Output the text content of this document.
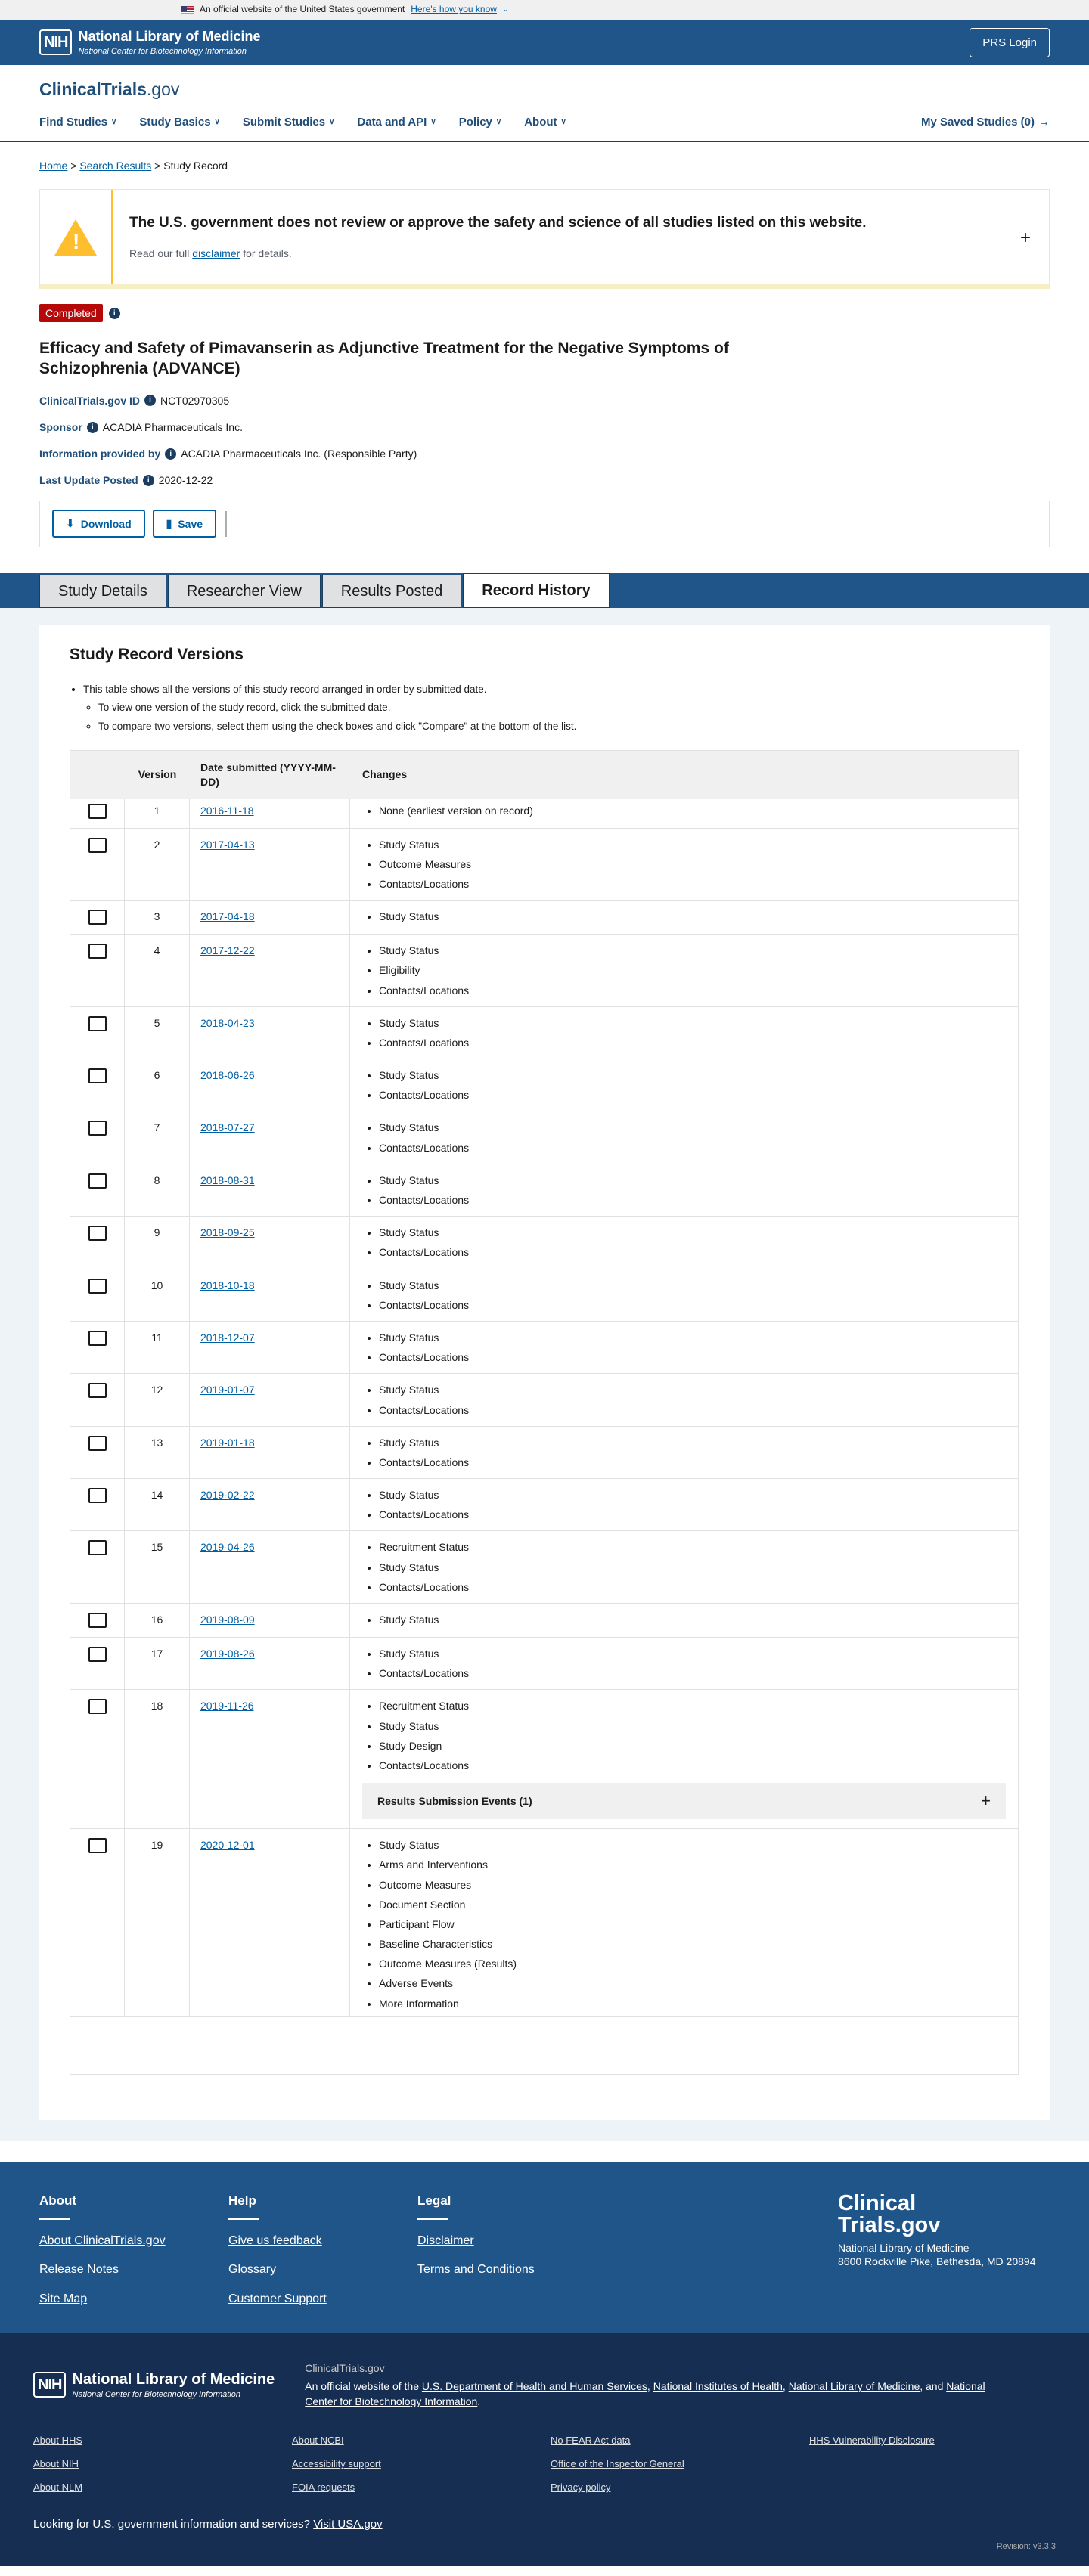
An official website of the United States government Here's how you know ⌄
NIH National Library of Medicine
National Center for Biotechnology Information
PRS Login
ClinicalTrials.gov
Find Studies ∨ Study Basics ∨ Submit Studies ∨ Data and API ∨ Policy ∨ About ∨	My Saved Studies (0) →
Home > Search Results > Study Record
!
The U.S. government does not review or approve the safety and science of all studies listed on this website.
Read our full disclaimer for details.
+
Completed	i
Efficacy and Safety of Pimavanserin as Adjunctive Treatment for the Negative Symptoms of Schizophrenia (ADVANCE)
ClinicalTrials.gov ID	i NCT02970305
Sponsor	i ACADIA Pharmaceuticals Inc.
Information provided by	i ACADIA Pharmaceuticals Inc. (Responsible Party)
Last Update Posted	i 2020-12-22
⬇ Download	▮ Save
Study Details	Researcher View	Results Posted	Record History
Study Record Versions
• This table shows all the versions of this study record arranged in order by submitted date.
◦ To view one version of the study record, click the submitted date.
◦ To compare two versions, select them using the check boxes and click "Compare" at the bottom of the list.
Version
Date submitted (YYYY-MM-DD)
Changes
1	2016-11-18	• None (earliest version on record)
2	2017-04-13	• Study Status
• Outcome Measures
• Contacts/Locations
3	2017-04-18	• Study Status
4	2017-12-22	• Study Status
• Eligibility
• Contacts/Locations
5	2018-04-23	• Study Status
• Contacts/Locations
6	2018-06-26	• Study Status
• Contacts/Locations
7	2018-07-27	• Study Status
• Contacts/Locations
8	2018-08-31	• Study Status
• Contacts/Locations
9	2018-09-25	• Study Status
• Contacts/Locations
10	2018-10-18	• Study Status
• Contacts/Locations
11	2018-12-07	• Study Status
• Contacts/Locations
12	2019-01-07	• Study Status
• Contacts/Locations
13	2019-01-18	• Study Status
• Contacts/Locations
14	2019-02-22	• Study Status
• Contacts/Locations
15	2019-04-26	• Recruitment Status
• Study Status
• Contacts/Locations
16	2019-08-09	• Study Status
17	2019-08-26	• Study Status
• Contacts/Locations
18	2019-11-26	• Recruitment Status
• Study Status
• Study Design
• Contacts/Locations
Results Submission Events (1)	+
19	2020-12-01	• Study Status
• Arms and Interventions
• Outcome Measures
• Document Section
• Participant Flow
• Baseline Characteristics
• Outcome Measures (Results)
• Adverse Events
• More Information
About
About ClinicalTrials.gov
Release Notes
Site Map
Help
Give us feedback
Glossary
Customer Support
Legal
Disclaimer
Terms and Conditions
Clinical
Trials.gov
National Library of Medicine
8600 Rockville Pike, Bethesda, MD 20894
NIH National Library of Medicine
National Center for Biotechnology Information
ClinicalTrials.gov
An official website of the U.S. Department of Health and Human Services, National Institutes of Health, National Library of Medicine, and National Center for Biotechnology Information.
About HHS	About NCBI	No FEAR Act data	HHS Vulnerability Disclosure
About NIH	Accessibility support	Office of the Inspector General
About NLM	FOIA requests	Privacy policy
Looking for U.S. government information and services? Visit USA.gov
Revision: v3.3.3
